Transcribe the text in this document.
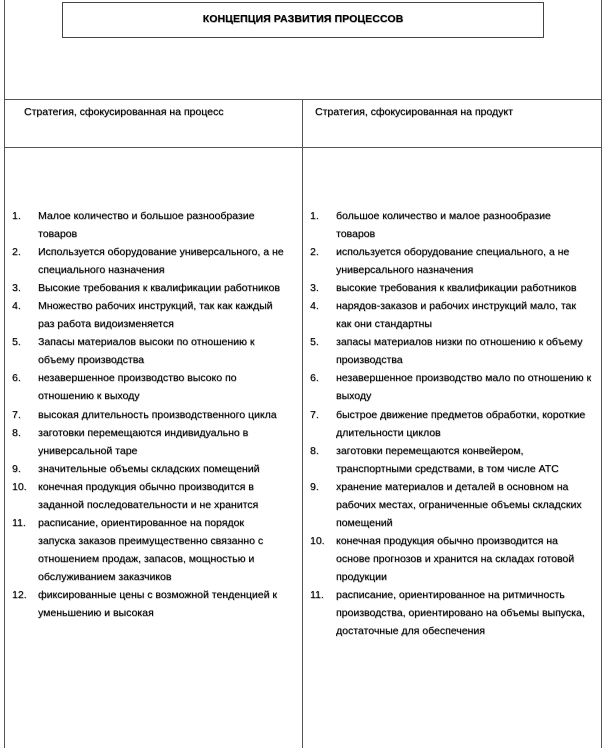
КОНЦЕПЦИЯ РАЗВИТИЯ ПРОЦЕССОВ
Стратегия, сфокусированная на процесс	Стратегия, сфокусированная на продукт
1. Малое количество и большое разнообразие товаров
2. Используется оборудование универсального, а не специального назначения
3. Высокие требования к квалификации работников
4. Множество рабочих инструкций, так как каждый раз работа видоизменяется
5. Запасы материалов высоки по отношению к объему производства
6. незавершенное производство высоко по отношению к выходу
7. высокая длительность производственного цикла
8. заготовки перемещаются индивидуально в универсальной таре
9. значительные объемы складских помещений
10. конечная продукция обычно производится в заданной последовательности и не хранится
11. расписание, ориентированное на порядок запуска заказов преимущественно связанно с отношением продаж, запасов, мощностью и обслуживанием заказчиков
12. фиксированные цены с возможной тенденцией к уменьшению и высокая
1. большое количество и малое разнообразие товаров
2. используется оборудование специального, а не универсального назначения
3. высокие требования к квалификации работников
4. нарядов-заказов и рабочих инструкций мало, так как они стандартны
5. запасы материалов низки по отношению к объему производства
6. незавершенное производство мало по отношению к выходу
7. быстрое движение предметов обработки, короткие длительности циклов
8. заготовки перемещаются конвейером, транспортными средствами, в том числе АТС
9. хранение материалов и деталей в основном на рабочих местах, ограниченные объемы складских помещений
10. конечная продукция обычно производится на основе прогнозов и хранится на складах готовой продукции
11. расписание, ориентированное на ритмичность производства, ориентировано на объемы выпуска, достаточные для обеспечения
